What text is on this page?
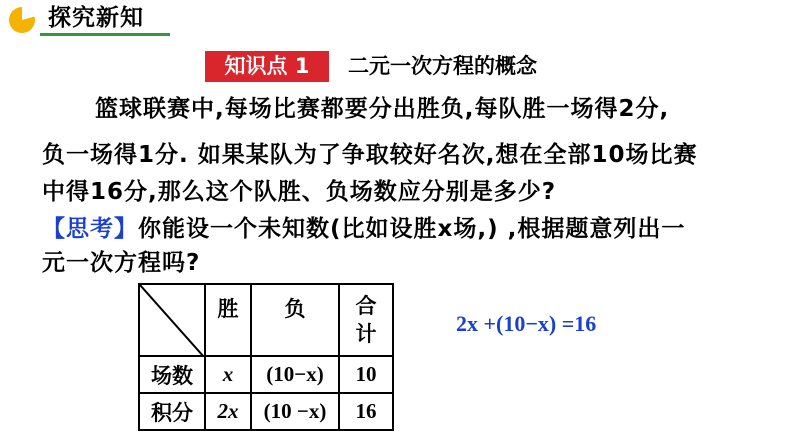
探究新知
知识点 1	二元一次方程的概念
篮球联赛中,每场比赛都要分出胜负,每队胜一场得2分,
负一场得1分. 如果某队为了争取较好名次,想在全部10场比赛
中得16分,那么这个队胜、负场数应分别是多少?
【思考】你能设一个未知数(比如设胜x场,) ,根据题意列出一
元一次方程吗?
	胜	负	合
计

场数	x	(10−x)	10
积分	2x	(10 −x)	16
2x +(10−x) =16
